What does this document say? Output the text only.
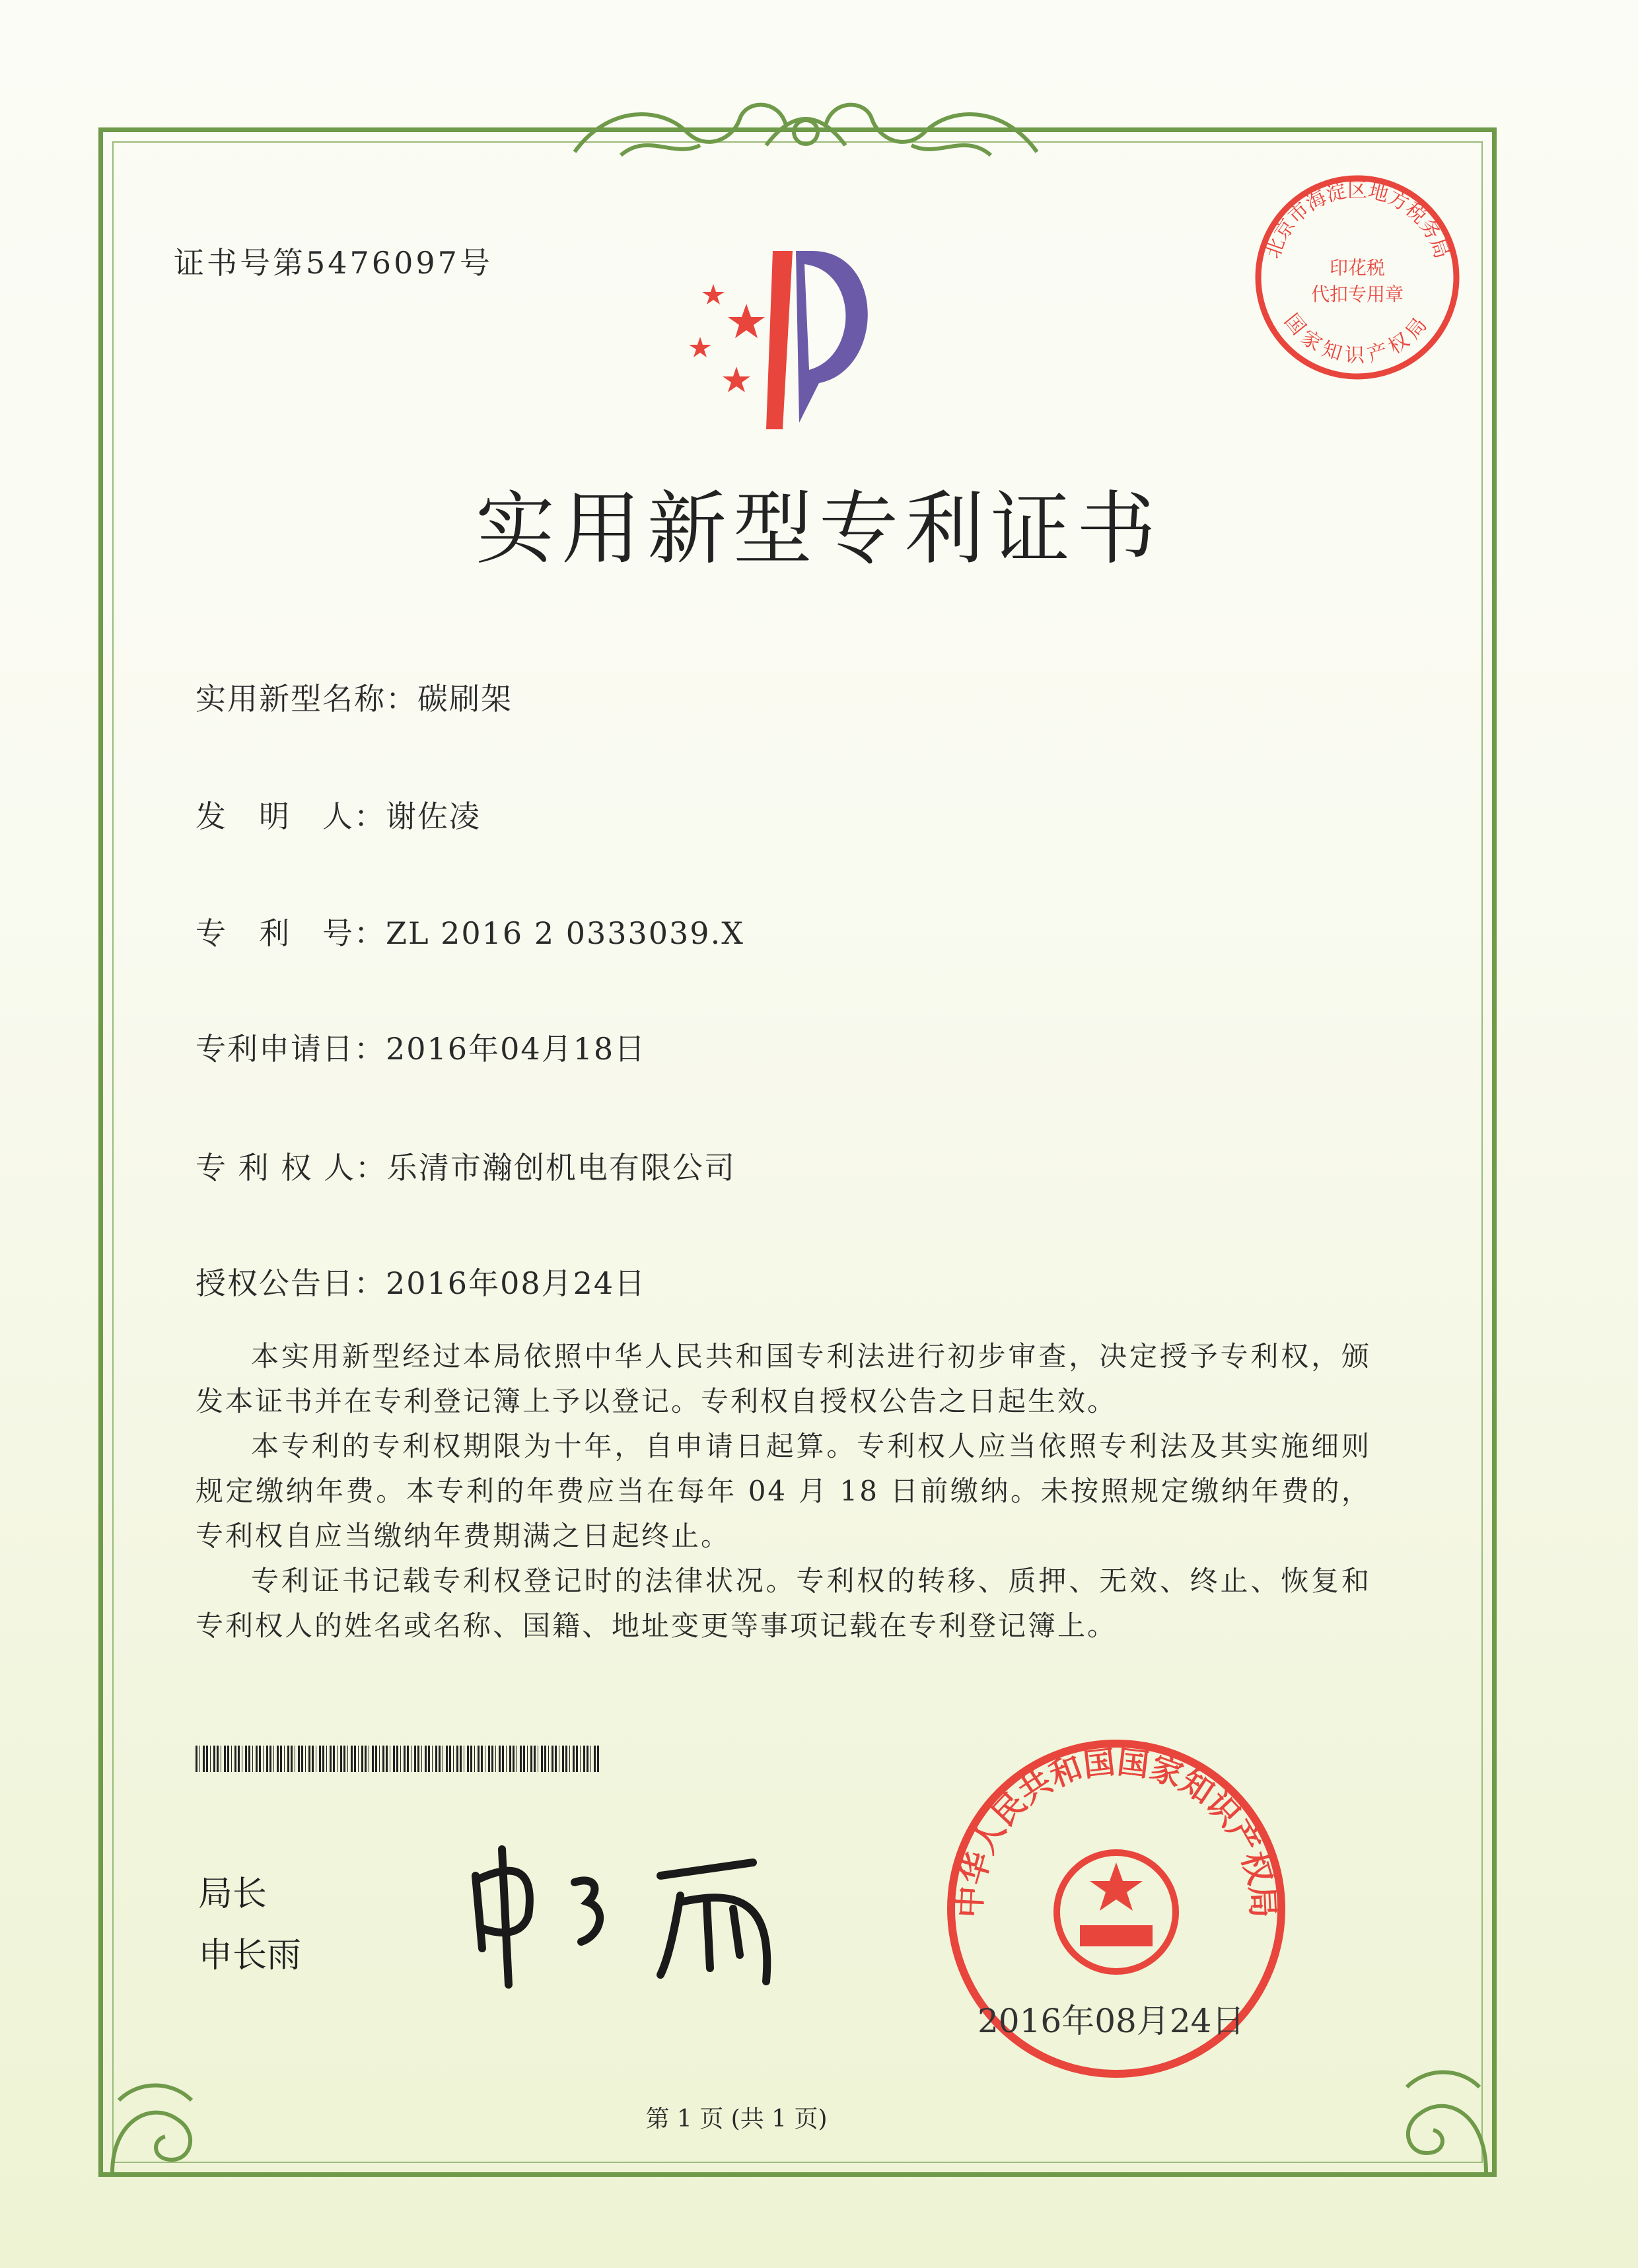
证书号第5476097号	北京市海淀区地方税务局
印花税
代扣专用章
国家知识产权局
实用新型专利证书
实用新型名称：碳刷架
发　明　人：谢佐凌
专　利　号：ZL 2016 2 0333039.X
专利申请日：2016年04月18日
专 利 权 人：乐清市瀚创机电有限公司
授权公告日：2016年08月24日

本实用新型经过本局依照中华人民共和国专利法进行初步审查，决定授予专利权，颁发本证书并在专利登记簿上予以登记。专利权自授权公告之日起生效。

本专利的专利权期限为十年，自申请日起算。专利权人应当依照专利法及其实施细则规定缴纳年费。本专利的年费应当在每年 04 月 18 日前缴纳。未按照规定缴纳年费的，专利权自应当缴纳年费期满之日起终止。

专利证书记载专利权登记时的法律状况。专利权的转移、质押、无效、终止、恢复和专利权人的姓名或名称、国籍、地址变更等事项记载在专利登记簿上。

局长
申长雨
中华人民共和国国家知识产权局
2016年08月24日
第 1 页 (共 1 页)
